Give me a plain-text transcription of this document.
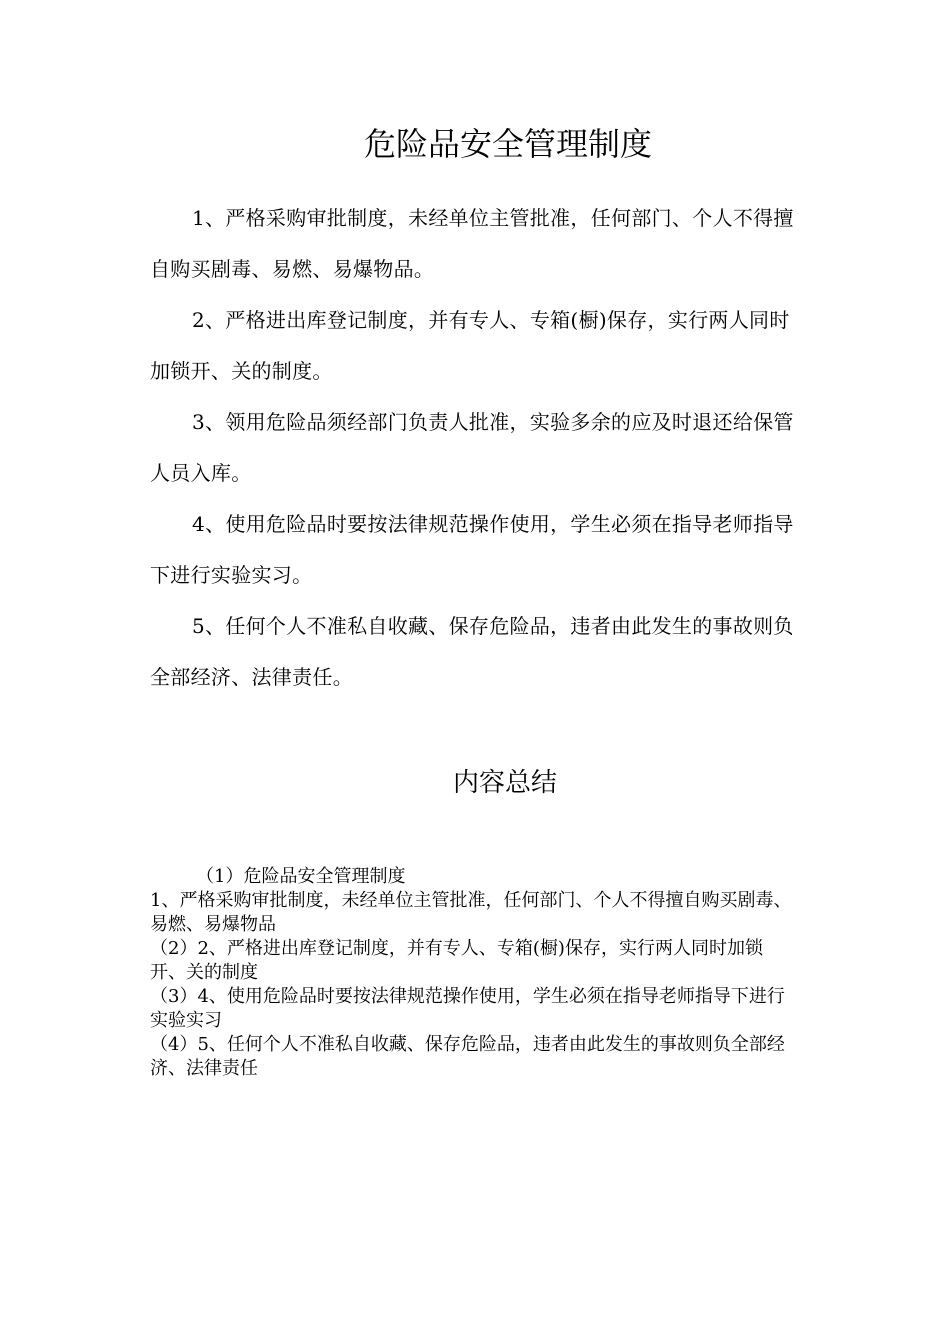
危险品安全管理制度

1、严格采购审批制度，未经单位主管批准，任何部门、个人不得擅自购买剧毒、易燃、易爆物品。

2、严格进出库登记制度，并有专人、专箱(橱)保存，实行两人同时加锁开、关的制度。

3、领用危险品须经部门负责人批准，实验多余的应及时退还给保管人员入库。

4、使用危险品时要按法律规范操作使用，学生必须在指导老师指导下进行实验实习。

5、任何个人不准私自收藏、保存危险品，违者由此发生的事故则负全部经济、法律责任。

内容总结

（1）危险品安全管理制度

1、严格采购审批制度，未经单位主管批准，任何部门、个人不得擅自购买剧毒、易燃、易爆物品

（2）2、严格进出库登记制度，并有专人、专箱(橱)保存，实行两人同时加锁开、关的制度

（3）4、使用危险品时要按法律规范操作使用，学生必须在指导老师指导下进行实验实习

（4）5、任何个人不准私自收藏、保存危险品，违者由此发生的事故则负全部经济、法律责任
